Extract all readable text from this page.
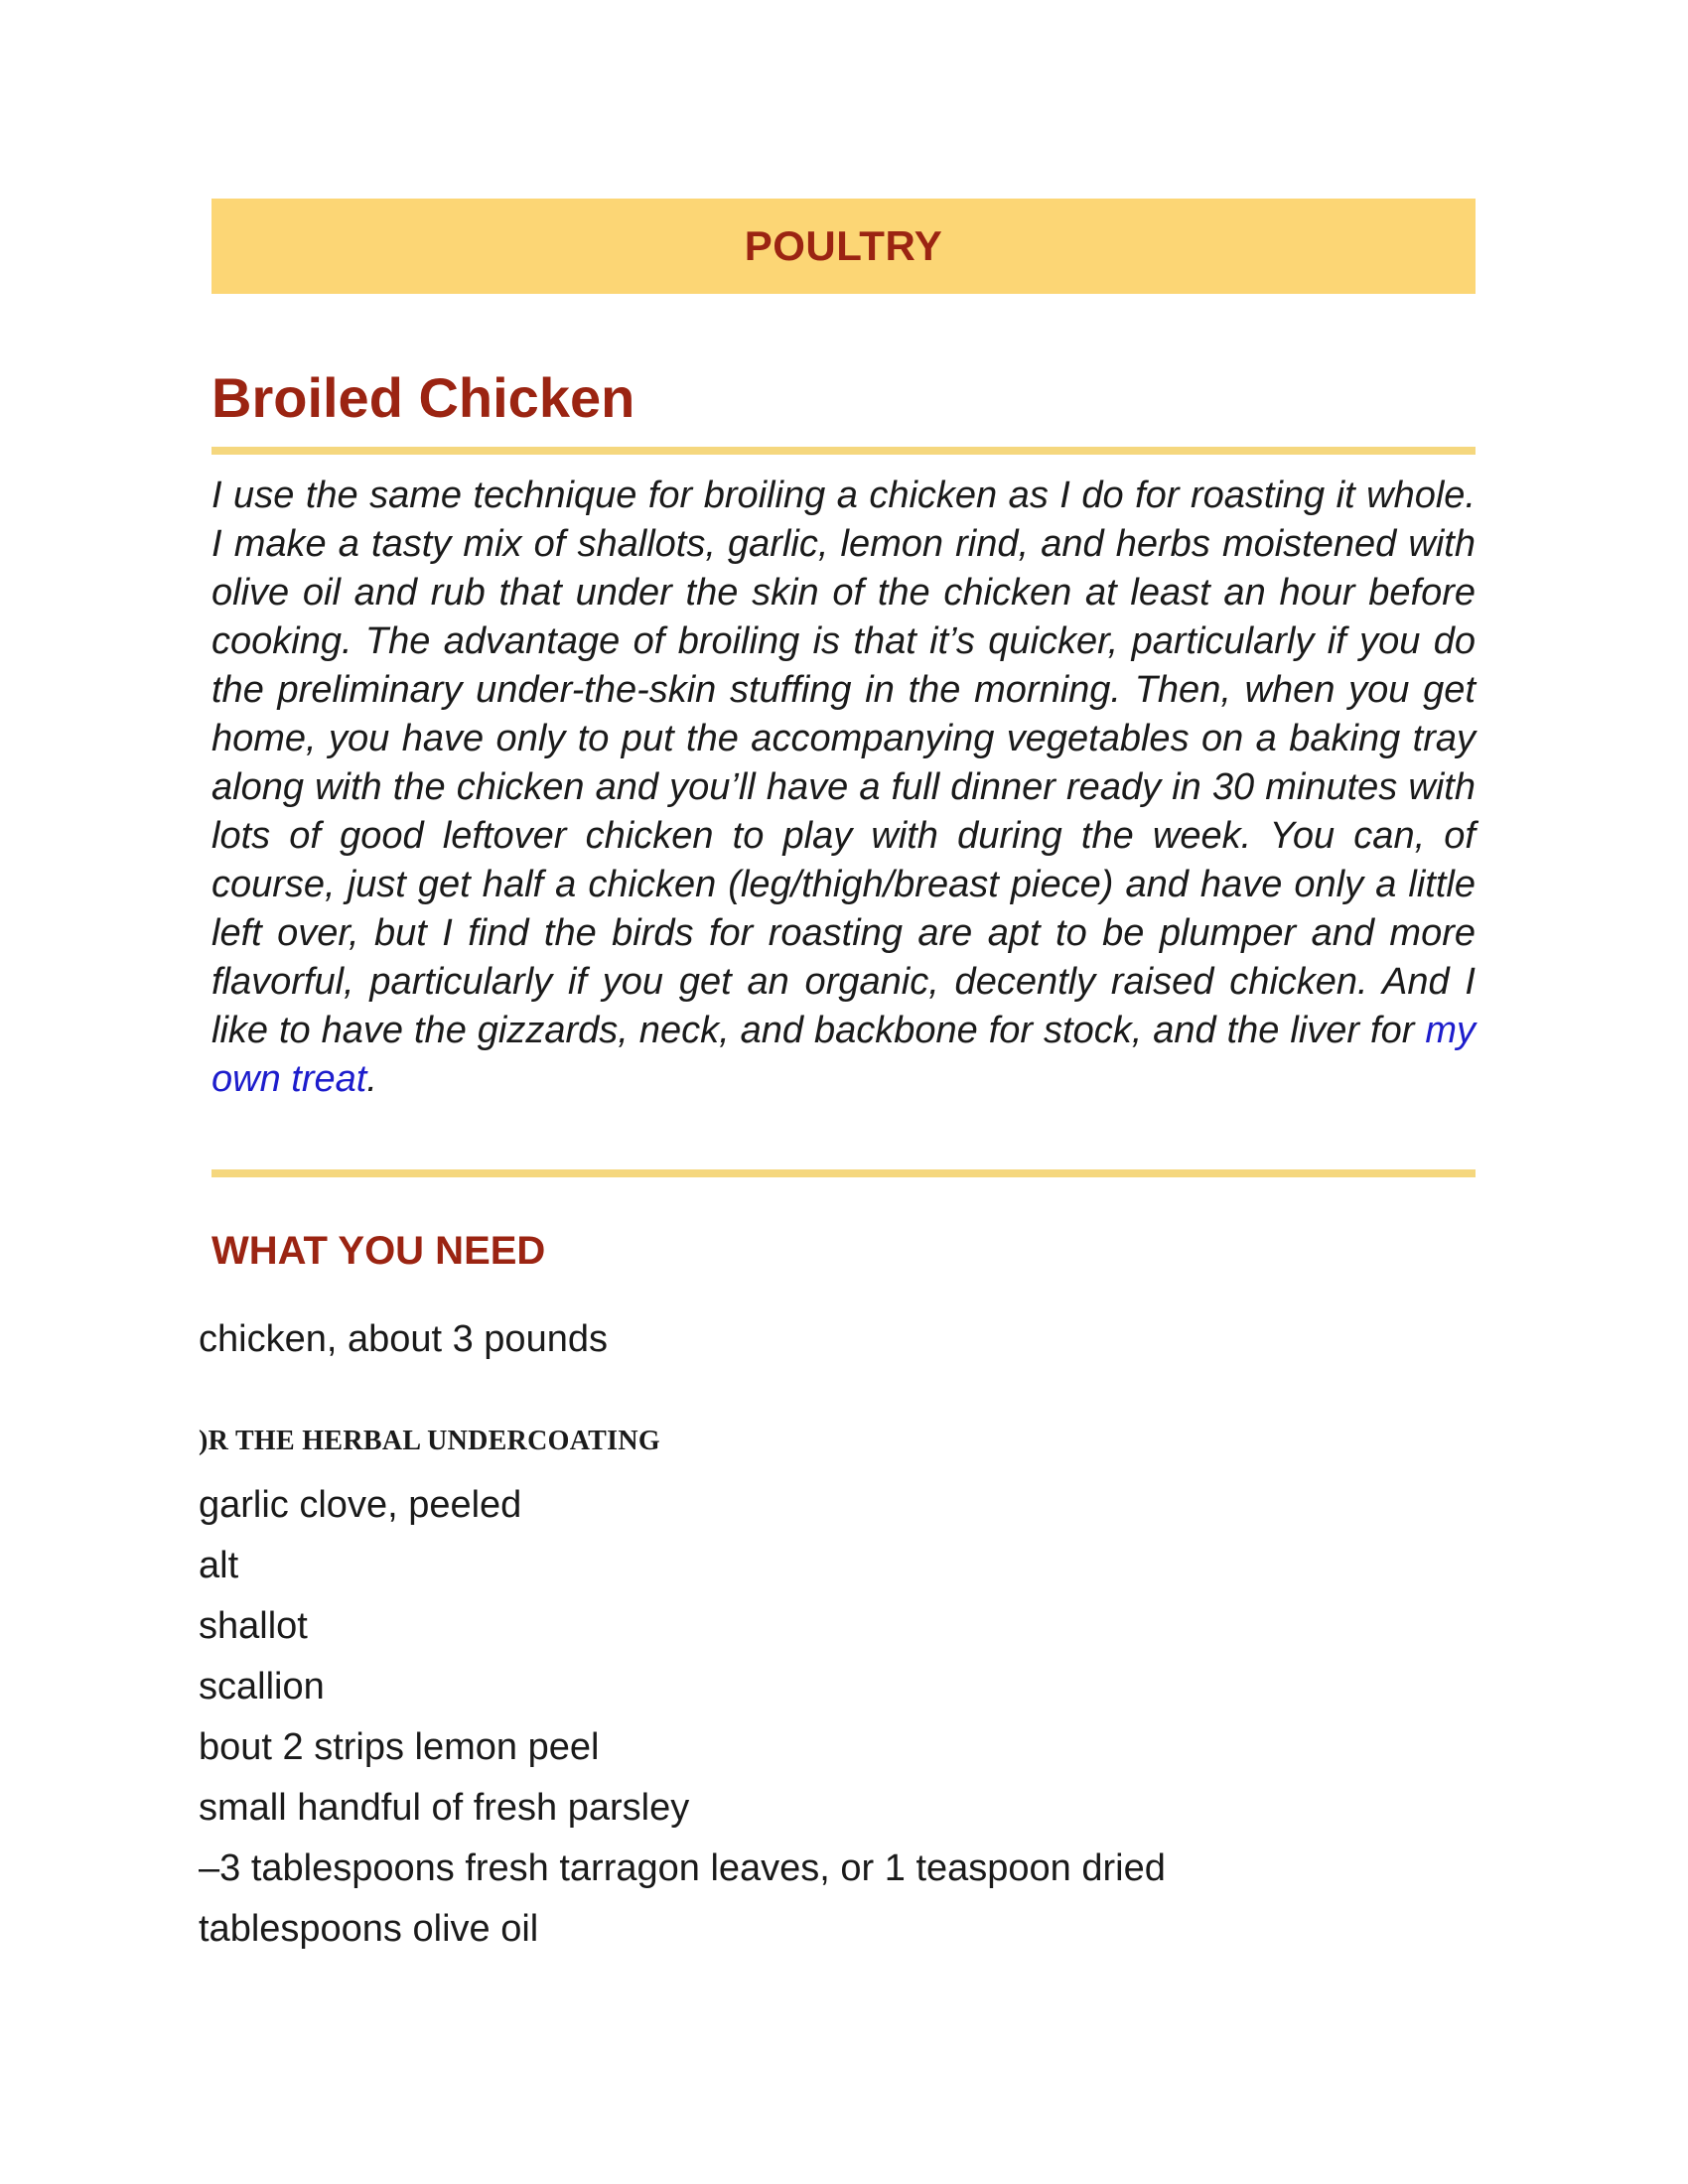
POULTRY
Broiled Chicken

I use the same technique for broiling a chicken as I do for roasting it whole. I make a tasty mix of shallots, garlic, lemon rind, and herbs moistened with olive oil and rub that under the skin of the chicken at least an hour before cooking. The advantage of broiling is that it’s quicker, particularly if you do the preliminary under-the-skin stuffing in the morning. Then, when you get home, you have only to put the accompanying vegetables on a baking tray along with the chicken and you’ll have a full dinner ready in 30 minutes with lots of good leftover chicken to play with during the week. You can, of course, just get half a chicken (leg/thigh/breast piece) and have only a little left over, but I find the birds for roasting are apt to be plumper and more flavorful, particularly if you get an organic, decently raised chicken. And I like to have the gizzards, neck, and backbone for stock, and the liver for my own treat.

WHAT YOU NEED

chicken, about 3 pounds

)R THE HERBAL UNDERCOATING

garlic clove, peeled

alt

shallot

scallion

bout 2 strips lemon peel

small handful of fresh parsley

–3 tablespoons fresh tarragon leaves, or 1 teaspoon dried

tablespoons olive oil
